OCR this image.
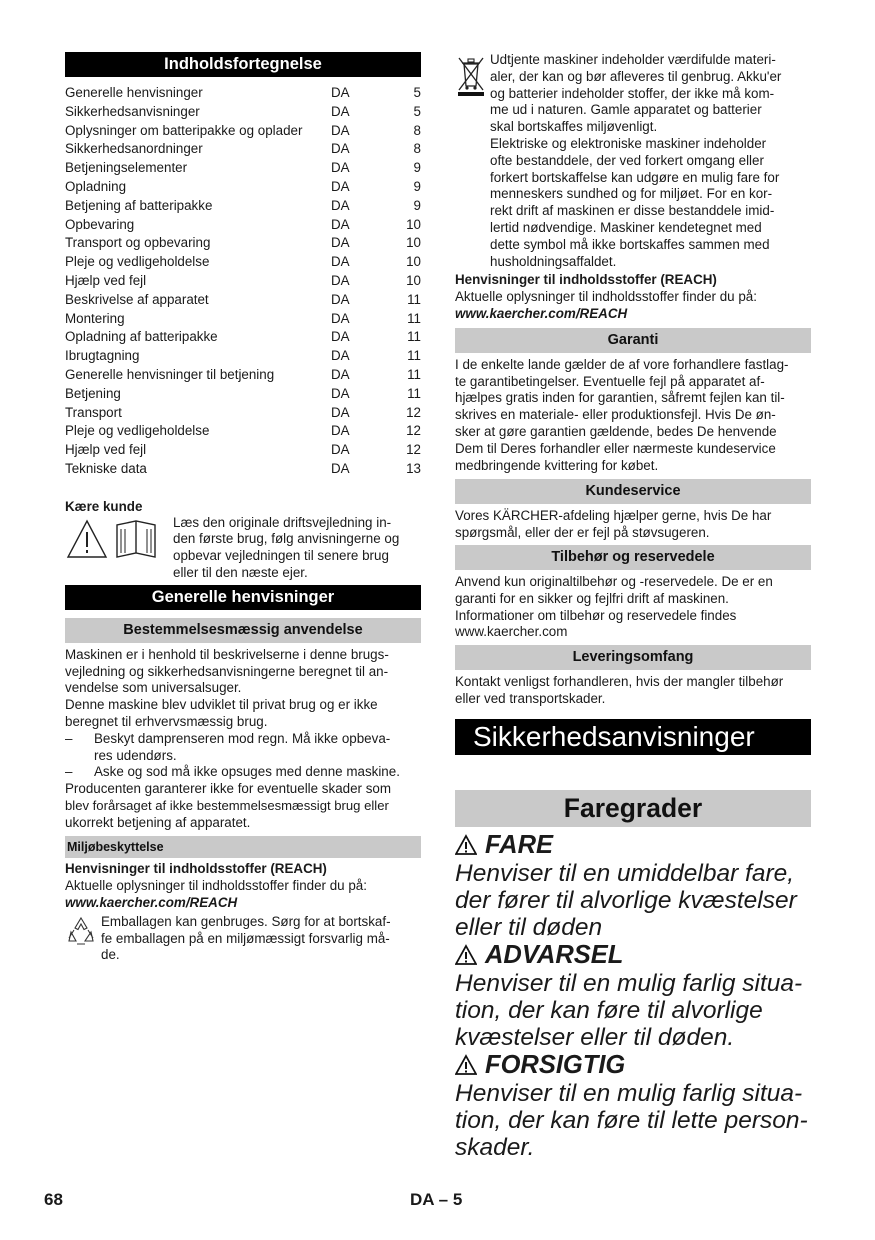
Indholdsfortegnelse
Generelle henvisninger	DA	5
Sikkerhedsanvisninger	DA	5
Oplysninger om batteripakke og oplader	DA	8
Sikkerhedsanordninger	DA	8
Betjeningselementer	DA	9
Opladning	DA	9
Betjening af batteripakke	DA	9
Opbevaring	DA	10
Transport og opbevaring	DA	10
Pleje og vedligeholdelse	DA	10
Hjælp ved fejl	DA	10
Beskrivelse af apparatet	DA	11
Montering	DA	11
Opladning af batteripakke	DA	11
Ibrugtagning	DA	11
Generelle henvisninger til betjening	DA	11
Betjening	DA	11
Transport	DA	12
Pleje og vedligeholdelse	DA	12
Hjælp ved fejl	DA	12
Tekniske data	DA	13
Kære kunde
Læs den originale driftsvejledning in-
den første brug, følg anvisningerne og
opbevar vejledningen til senere brug
eller til den næste ejer.
Generelle henvisninger
Bestemmelsesmæssig anvendelse
Maskinen er i henhold til beskrivelserne i denne brugs-
vejledning og sikkerhedsanvisningerne beregnet til an-
vendelse som universalsuger.
Denne maskine blev udviklet til privat brug og er ikke
beregnet til erhvervsmæssig brug.
–	Beskyt damprenseren mod regn. Må ikke opbeva-
res udendørs.
–	Aske og sod må ikke opsuges med denne maskine.
Producenten garanterer ikke for eventuelle skader som
blev forårsaget af ikke bestemmelsesmæssigt brug eller
ukorrekt betjening af apparatet.
Miljøbeskyttelse
Henvisninger til indholdsstoffer (REACH)
Aktuelle oplysninger til indholdsstoffer finder du på:
www.kaercher.com/REACH
Emballagen kan genbruges. Sørg for at bortskaf-
fe emballagen på en miljømæssigt forsvarlig må-
de.
Udtjente maskiner indeholder værdifulde materi-
aler, der kan og bør afleveres til genbrug. Akku'er
og batterier indeholder stoffer, der ikke må kom-
me ud i naturen. Gamle apparatet og batterier
skal bortskaffes miljøvenligt.
Elektriske og elektroniske maskiner indeholder
ofte bestanddele, der ved forkert omgang eller
forkert bortskaffelse kan udgøre en mulig fare for
menneskers sundhed og for miljøet. For en kor-
rekt drift af maskinen er disse bestanddele imid-
lertid nødvendige. Maskiner kendetegnet med
dette symbol må ikke bortskaffes sammen med
husholdningsaffaldet.
Henvisninger til indholdsstoffer (REACH)
Aktuelle oplysninger til indholdsstoffer finder du på:
www.kaercher.com/REACH
Garanti
I de enkelte lande gælder de af vore forhandlere fastlag-
te garantibetingelser. Eventuelle fejl på apparatet af-
hjælpes gratis inden for garantien, såfremt fejlen kan til-
skrives en materiale- eller produktionsfejl. Hvis De øn-
sker at gøre garantien gældende, bedes De henvende
Dem til Deres forhandler eller nærmeste kundeservice
medbringende kvittering for købet.
Kundeservice
Vores KÄRCHER-afdeling hjælper gerne, hvis De har
spørgsmål, eller der er fejl på støvsugeren.
Tilbehør og reservedele
Anvend kun originaltilbehør og -reservedele. De er en
garanti for en sikker og fejlfri drift af maskinen.
Informationer om tilbehør og reservedele findes
www.kaercher.com
Leveringsomfang
Kontakt venligst forhandleren, hvis der mangler tilbehør
eller ved transportskader.
Sikkerhedsanvisninger
Faregrader
FARE
Henviser til en umiddelbar fare,
der fører til alvorlige kvæstelser
eller til døden
ADVARSEL
Henviser til en mulig farlig situa-
tion, der kan føre til alvorlige
kvæstelser eller til døden.
FORSIGTIG
Henviser til en mulig farlig situa-
tion, der kan føre til lette person-
skader.
68	DA – 5
